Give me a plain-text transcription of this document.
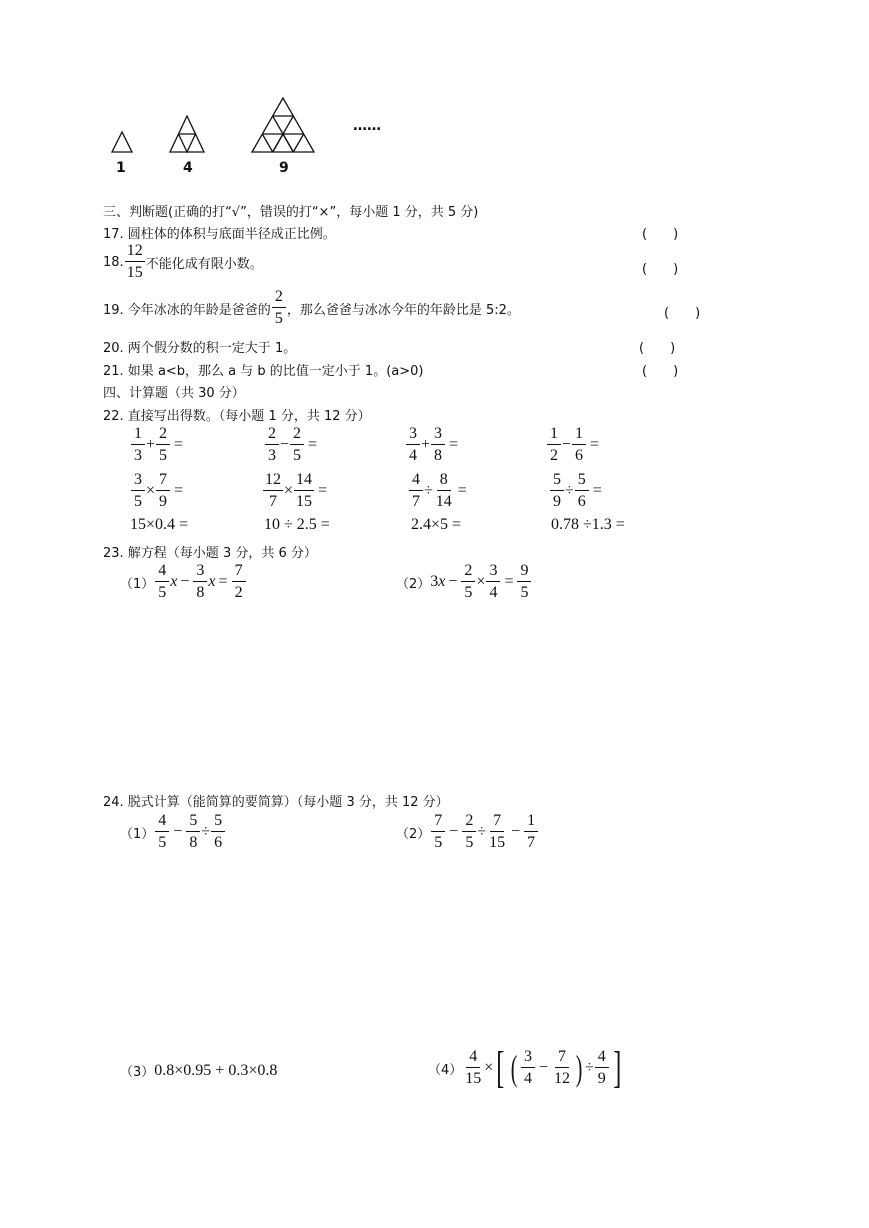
1	4	9
……
三、判断题(正确的打“√”，错误的打“×”，每小题 1 分，共 5 分)
17. 圆柱体的体积与底面半径成正比例。	(　　)
18. $\frac{12}{15}$ 不能化成有限小数。	(　　)
19. 今年冰冰的年龄是爸爸的 $\frac{2}{5}$ ，那么爸爸与冰冰今年的年龄比是 5:2。	(　　)
20. 两个假分数的积一定大于 1。	(　　)
21. 如果 a<b，那么 a 与 b 的比值一定小于 1。(a>0)	(　　)
四、计算题（共 30 分）
22. 直接写出得数。（每小题 1 分，共 12 分）
$\frac{1}{3} + \frac{2}{5}$ =	$\frac{2}{3} - \frac{2}{5}$ =	$\frac{3}{4} + \frac{3}{8}$ =	$\frac{1}{2} - \frac{1}{6}$ =
$\frac{3}{5} \times \frac{7}{9}$ =	$\frac{12}{7} \times \frac{14}{15}$ =	$\frac{4}{7} \div \frac{8}{14}$ =	$\frac{5}{9} \div \frac{5}{6}$ =
15×0.4 =	10 ÷ 2.5 =	2.4×5 =	0.78 ÷1.3 =
23. 解方程（每小题 3 分，共 6 分）
$(1) \frac{4}{5}$ $x - \frac{3}{8}$ $x = \frac{7}{2}$	（2） 3 $x - \frac{2}{5} \times \frac{3}{4} = \frac{9}{5}$
24. 脱式计算（能简算的要简算）（每小题 3 分，共 12 分）
$(1) \frac{4}{5} - \frac{5}{8} \div \frac{5}{6}$	$(2) \frac{7}{5} - \frac{2}{5} \div \frac{7}{15} - \frac{1}{7}$
（3） 0.8×0.95 + 0.3×0.8	$(4) \frac{4}{15}$ × [ ( $\frac{3}{4} - \frac{7}{12}$ ) ÷ $\frac{4}{9}$ ]
